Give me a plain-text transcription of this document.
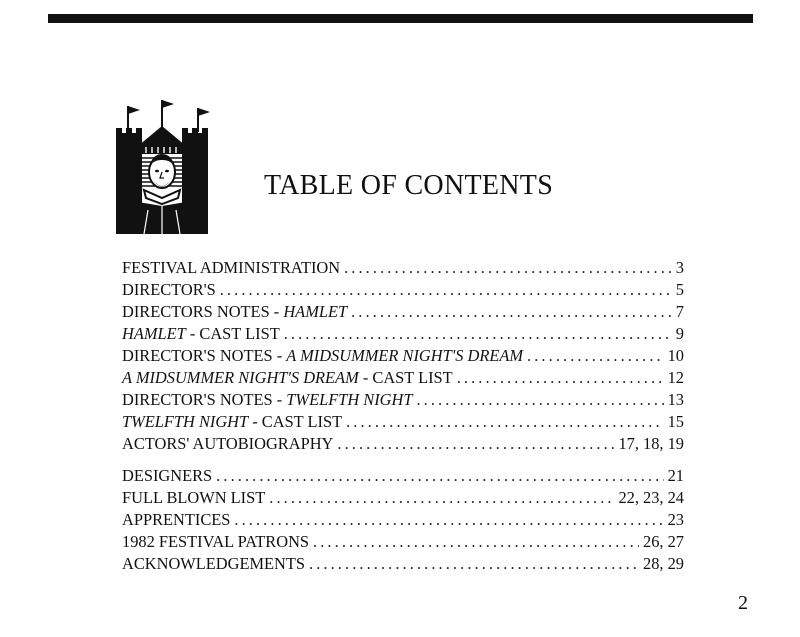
TABLE OF CONTENTS
FESTIVAL ADMINISTRATION . . .	3
DIRECTOR'S . . .	5
DIRECTORS NOTES - HAMLET . . .	7
HAMLET - CAST LIST . . .	9
DIRECTOR'S NOTES - A MIDSUMMER NIGHT'S DREAM . . .	10
A MIDSUMMER NIGHT'S DREAM - CAST LIST . . .	12
DIRECTOR'S NOTES - TWELFTH NIGHT . . .	13
TWELFTH NIGHT - CAST LIST . . .	15
ACTORS' AUTOBIOGRAPHY . . .	17, 18, 19
DESIGNERS . . .	21
FULL BLOWN LIST . . .	22, 23, 24
APPRENTICES . . .	23
1982 FESTIVAL PATRONS . . .	26, 27
ACKNOWLEDGEMENTS . . .	28, 29
2
